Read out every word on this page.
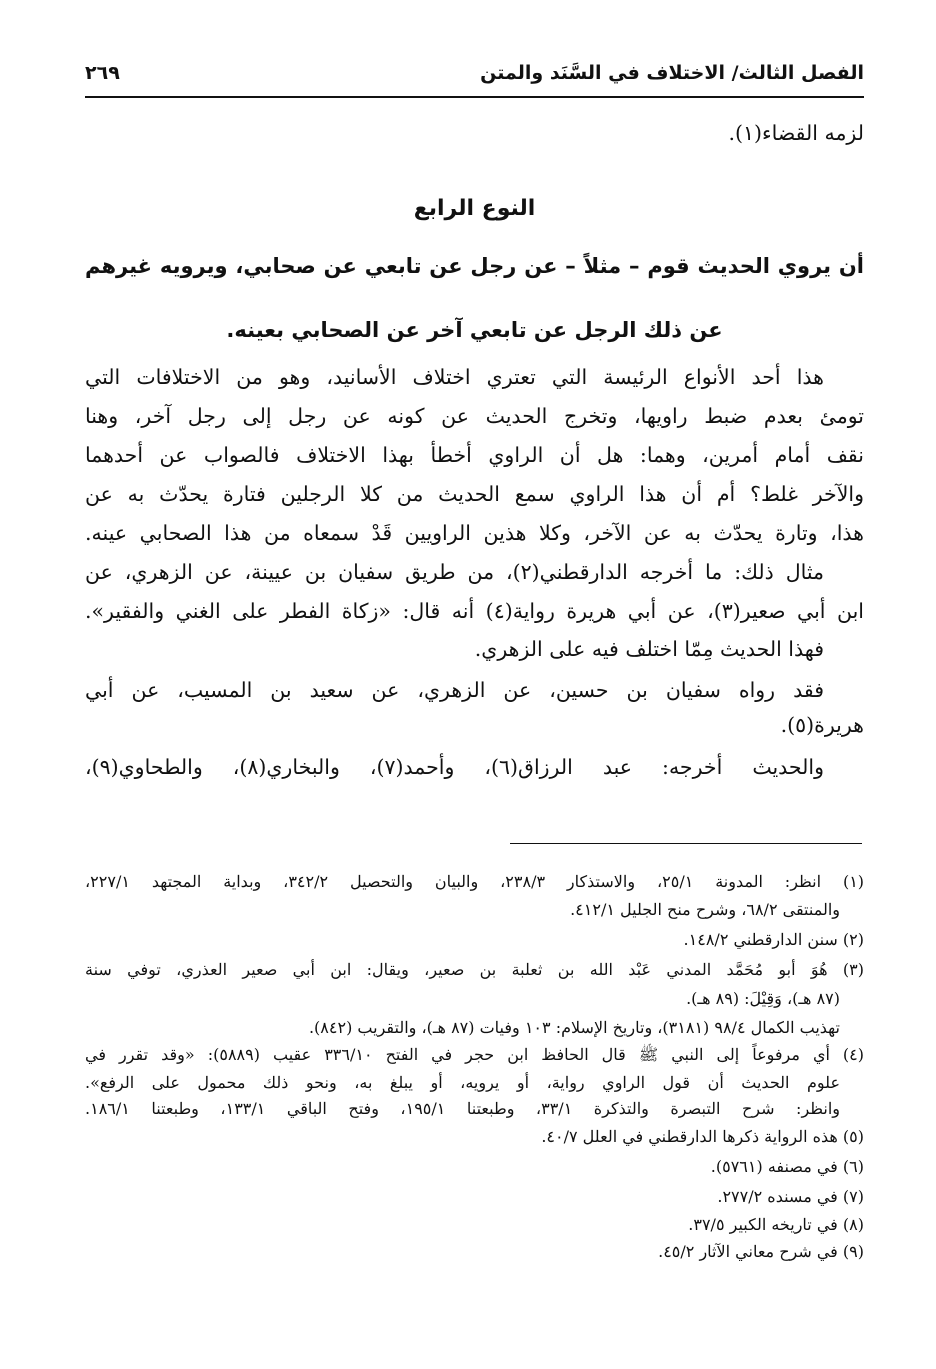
الفصل الثالث/ الاختلاف في السَّنَد والمتن
٢٦٩
لزمه القضاء(١).
النوع الرابع
أن يروي الحديث قوم – مثلاً – عن رجل عن تابعي عن صحابي، ويرويه غيرهم
عن ذلك الرجل عن تابعي آخر عن الصحابي بعينه.
هذا أحد الأنواع الرئيسة التي تعتري اختلاف الأسانيد، وهو من الاختلافات التي
تومئ بعدم ضبط راويها، وتخرج الحديث عن كونه عن رجل إلى رجل آخر، وهنا
نقف أمام أمرين، وهما: هل أن الراوي أخطأ بهذا الاختلاف فالصواب عن أحدهما
والآخر غلط؟ أم أن هذا الراوي سمع الحديث من كلا الرجلين فتارة يحدّث به عن
هذا، وتارة يحدّث به عن الآخر، وكلا هذين الراويين قَدْ سمعاه من هذا الصحابي عينه.
مثال ذلك: ما أخرجه الدارقطني(٢)، من طريق سفيان بن عيينة، عن الزهري، عن
ابن أبي صعير(٣)، عن أبي هريرة رواية(٤) أنه قال: «زكاة الفطر على الغني والفقير».
فهذا الحديث مِمّا اختلف فيه على الزهري.
فقد رواه سفيان بن حسين، عن الزهري، عن سعيد بن المسيب، عن أبي
هريرة(٥).
والحديث أخرجه: عبد الرزاق(٦)، وأحمد(٧)، والبخاري(٨)، والطحاوي(٩)،
(١) انظر: المدونة ٢٥/١، والاستذكار ٢٣٨/٣، والبيان والتحصيل ٣٤٢/٢، وبداية المجتهد ٢٢٧/١،
والمنتقى ٦٨/٢، وشرح منح الجليل ٤١٢/١.
(٢) سنن الدارقطني ١٤٨/٢.
(٣) هُوَ أبو مُحَمَّد المدني عَبْد الله بن ثعلبة بن صعير، ويقال: ابن أبي صعير العذري، توفي سنة
(٨٧ هـ)، وَقِيْلَ: (٨٩ هـ).
تهذيب الكمال ٩٨/٤ (٣١٨١)، وتاريخ الإسلام: ١٠٣ وفيات (٨٧ هـ)، والتقريب (٨٤٢).
(٤) أي مرفوعاً إلى النبي ﷺ قال الحافظ ابن حجر في الفتح ٣٣٦/١٠ عقيب (٥٨٨٩): «وقد تقرر في
علوم الحديث أن قول الراوي رواية، أو يرويه، أو يبلغ به، ونحو ذلك محمول على الرفع».
وانظر: شرح التبصرة والتذكرة ٣٣/١، وطبعتنا ١٩٥/١، وفتح الباقي ١٣٣/١، وطبعتنا ١٨٦/١.
(٥) هذه الرواية ذكرها الدارقطني في العلل ٤٠/٧.
(٦) في مصنفه (٥٧٦١).
(٧) في مسنده ٢٧٧/٢.
(٨) في تاريخه الكبير ٣٧/٥.
(٩) في شرح معاني الآثار ٤٥/٢.
